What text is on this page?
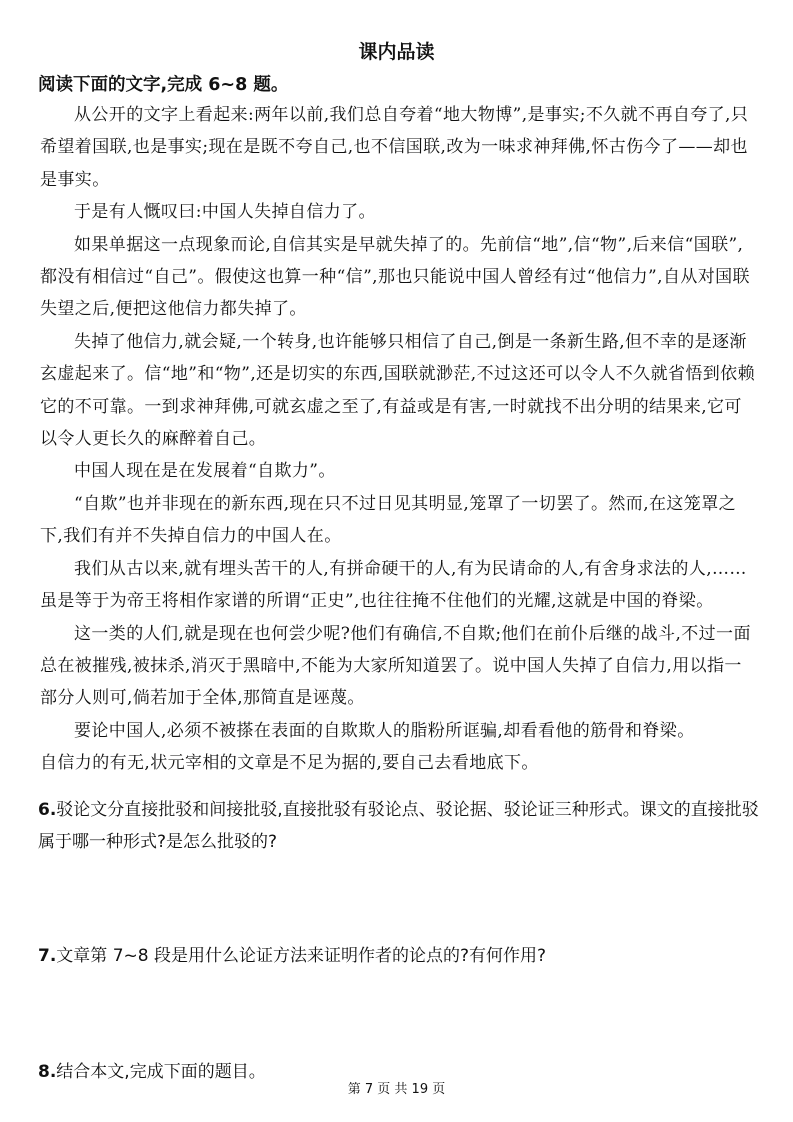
课内品读
阅读下面的文字,完成 6~8 题。

从公开的文字上看起来:两年以前,我们总自夸着“地大物博”,是事实;不久就不再自夸了,只希望着国联,也是事实;现在是既不夸自己,也不信国联,改为一味求神拜佛,怀古伤今了——却也是事实。

于是有人慨叹曰:中国人失掉自信力了。

如果单据这一点现象而论,自信其实是早就失掉了的。先前信“地”,信“物”,后来信“国联”,都没有相信过“自己”。假使这也算一种“信”,那也只能说中国人曾经有过“他信力”,自从对国联失望之后,便把这他信力都失掉了。

失掉了他信力,就会疑,一个转身,也许能够只相信了自己,倒是一条新生路,但不幸的是逐渐玄虚起来了。信“地”和“物”,还是切实的东西,国联就渺茫,不过这还可以令人不久就省悟到依赖它的不可靠。一到求神拜佛,可就玄虚之至了,有益或是有害,一时就找不出分明的结果来,它可以令人更长久的麻醉着自己。

中国人现在是在发展着“自欺力”。

“自欺”也并非现在的新东西,现在只不过日见其明显,笼罩了一切罢了。然而,在这笼罩之下,我们有并不失掉自信力的中国人在。

我们从古以来,就有埋头苦干的人,有拼命硬干的人,有为民请命的人,有舍身求法的人,……虽是等于为帝王将相作家谱的所谓“正史”,也往往掩不住他们的光耀,这就是中国的脊梁。

这一类的人们,就是现在也何尝少呢?他们有确信,不自欺;他们在前仆后继的战斗,不过一面总在被摧残,被抹杀,消灭于黑暗中,不能为大家所知道罢了。说中国人失掉了自信力,用以指一部分人则可,倘若加于全体,那简直是诬蔑。

要论中国人,必须不被搽在表面的自欺欺人的脂粉所诓骗,却看看他的筋骨和脊梁。

自信力的有无,状元宰相的文章是不足为据的,要自己去看地底下。

6.驳论文分直接批驳和间接批驳,直接批驳有驳论点、驳论据、驳论证三种形式。课文的直接批驳属于哪一种形式?是怎么批驳的?

7.文章第 7~8 段是用什么论证方法来证明作者的论点的?有何作用?

8.结合本文,完成下面的题目。

第 7 页 共 19 页
